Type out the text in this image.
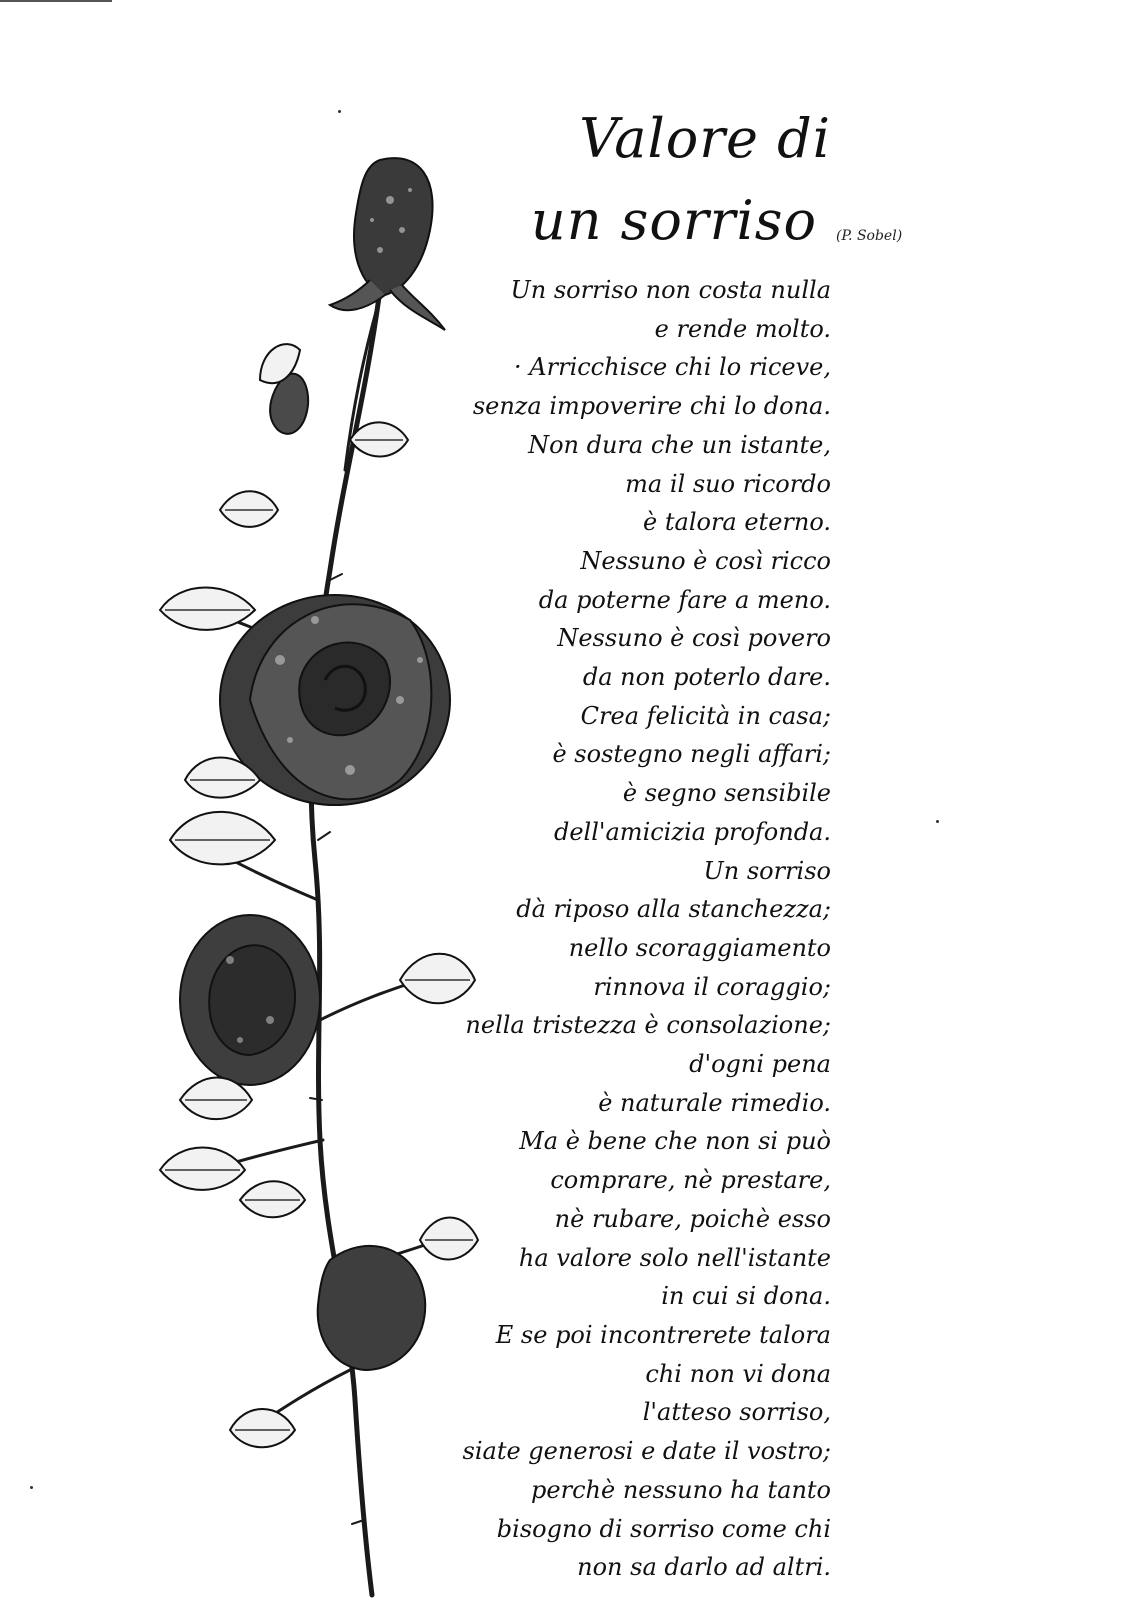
Valore di
un sorriso (P. Sobel)
Un sorriso non costa nulla
e rende molto.
· Arricchisce chi lo riceve,
senza impoverire chi lo dona.
Non dura che un istante,
ma il suo ricordo
è talora eterno.
Nessuno è così ricco
da poterne fare a meno.
Nessuno è così povero
da non poterlo dare.
Crea felicità in casa;
è sostegno negli affari;
è segno sensibile
dell'amicizia profonda.
Un sorriso
dà riposo alla stanchezza;
nello scoraggiamento
rinnova il coraggio;
nella tristezza è consolazione;
d'ogni pena
è naturale rimedio.
Ma è bene che non si può
comprare, nè prestare,
nè rubare, poichè esso
ha valore solo nell'istante
in cui si dona.
E se poi incontrerete talora
chi non vi dona
l'atteso sorriso,
siate generosi e date il vostro;
perchè nessuno ha tanto
bisogno di sorriso come chi
non sa darlo ad altri.
